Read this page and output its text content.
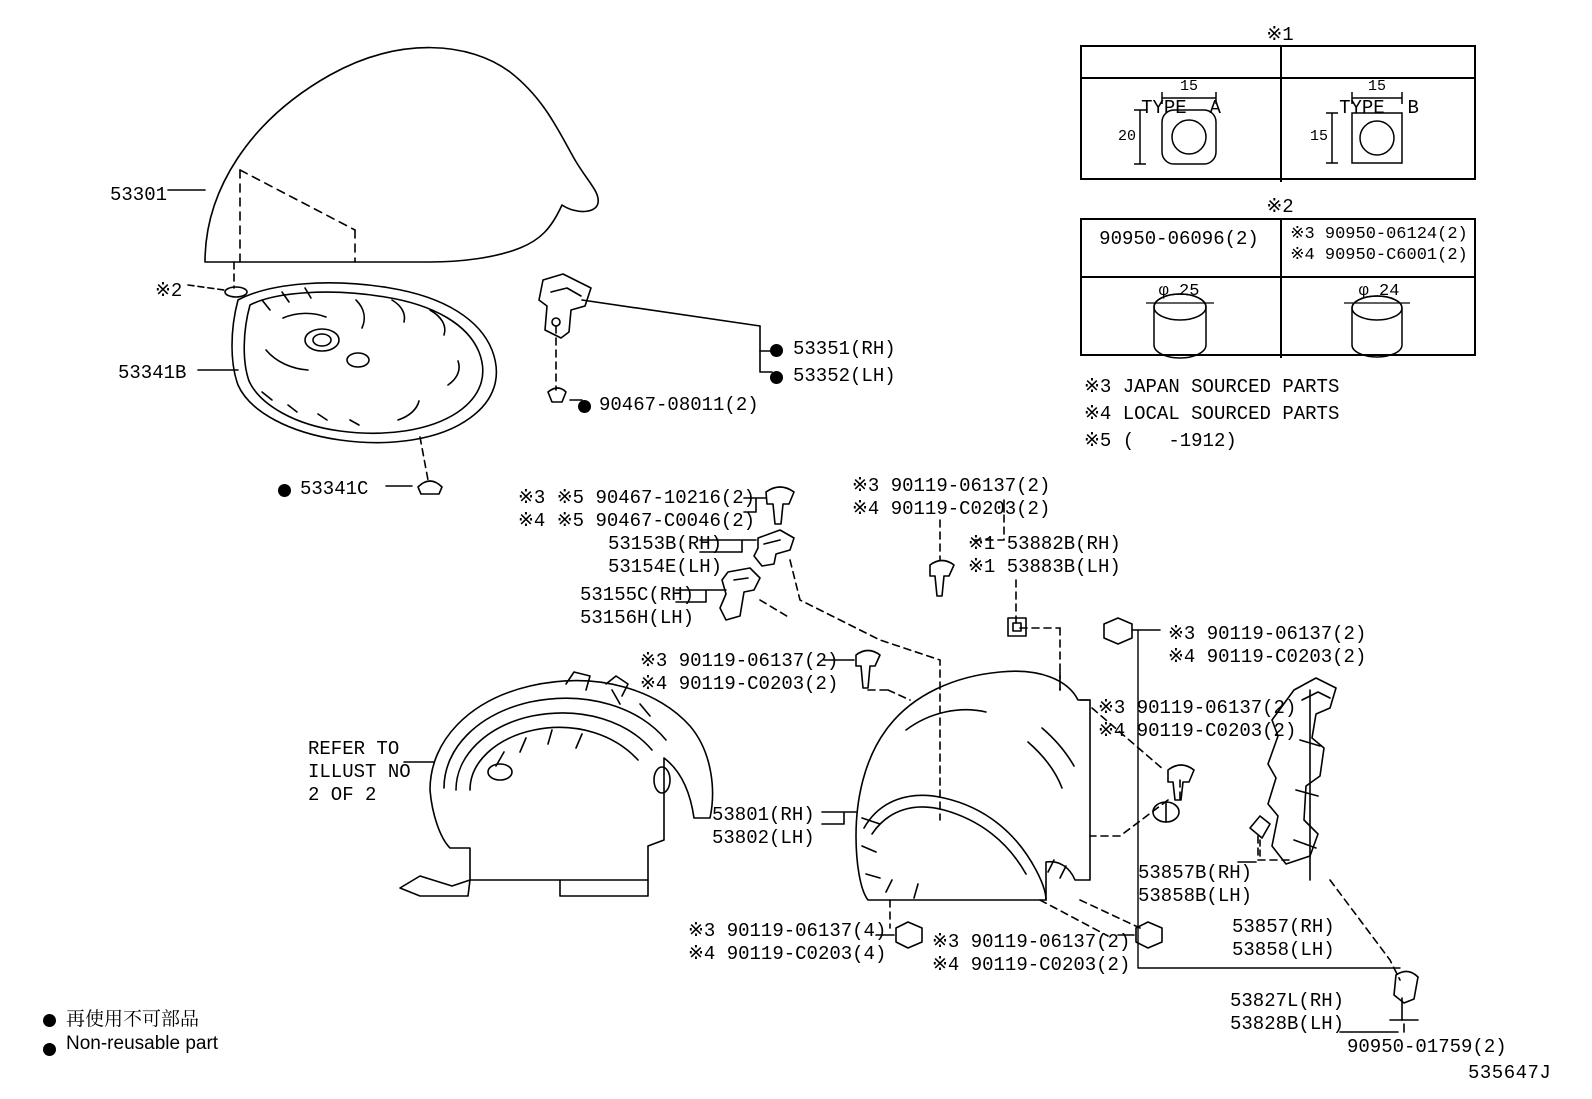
※1
TYPE  A	TYPE  B
15
20
15
15
※2
90950-06096(2)	※3 90950-06124(2)
※4 90950-C6001(2)
φ 25	φ 24
※3 JAPAN SOURCED PARTS
※4 LOCAL SOURCED PARTS
※5 (   -1912)
53301
※2
53341B
53341C
53351(RH)
53352(LH)
90467-08011(2)
※3 ※5 90467-10216(2)
※4 ※5 90467-C0046(2)
53153B(RH)
53154E(LH)
53155C(RH)
53156H(LH)
※3 90119-06137(2)
※4 90119-C0203(2)
※1 53882B(RH)
※1 53883B(LH)
※3 90119-06137(2)
※4 90119-C0203(2)
※3 90119-06137(2)
※4 90119-C0203(2)
※3 90119-06137(2)
※4 90119-C0203(2)
REFER TO
ILLUST NO
2 OF 2
53801(RH)
53802(LH)
53857B(RH)
53858B(LH)
53857(RH)
53858(LH)
※3 90119-06137(4)
※4 90119-C0203(4)
※3 90119-06137(2)
※4 90119-C0203(2)
53827L(RH)
53828B(LH)
90950-01759(2)
再使用不可部品
Non-reusable part
535647J
